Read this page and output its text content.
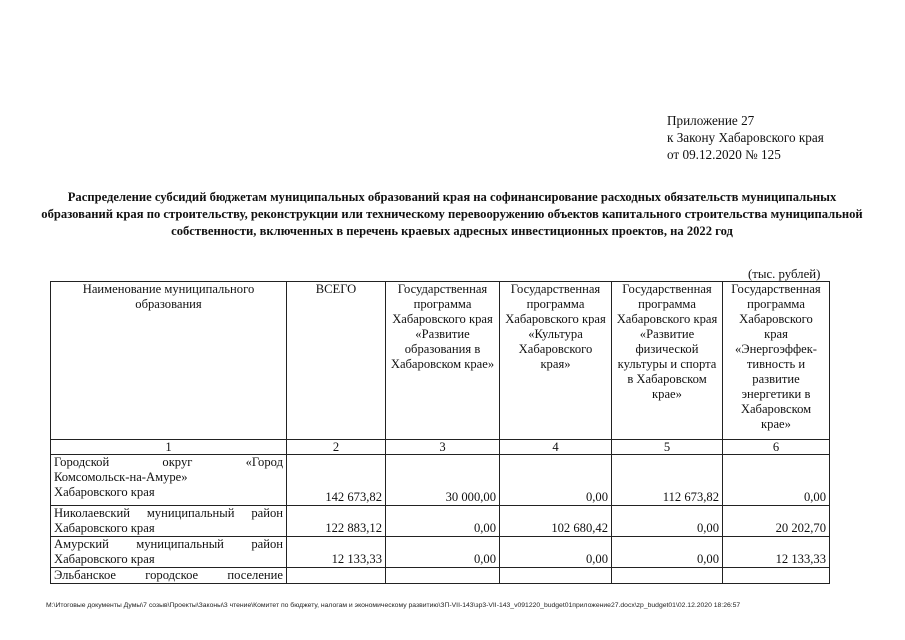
Приложение 27
к Закону Хабаровского края
от 09.12.2020 № 125
Распределение субсидий бюджетам муниципальных образований края на софинансирование расходных обязательств муниципальных образований края по строительству, реконструкции или техническому перевооружению объектов капитального строительства муниципальной собственности, включенных в перечень краевых адресных инвестиционных проектов, на 2022 год
(тыс. рублей)
Наименование муниципального образования	ВСЕГО	Государственная программа Хабаровского края «Развитие образования в Хабаровском крае»	Государственная программа Хабаровского края «Культура Хабаровского края»	Государственная программа Хабаровского края «Развитие физической культуры и спорта в Хабаровском крае»	Государственная программа Хабаровского края «Энергоэффек-тивность и развитие энергетики в Хабаровском крае»
1	2	3	4	5	6

Городской округ «Город
Комсомольск-на-Амуре»
Хабаровского края	142 673,82	30 000,00	0,00	112 673,82	0,00

Николаевский муниципальный район
Хабаровского края	122 883,12	0,00	102 680,42	0,00	20 202,70

Амурский муниципальный район
Хабаровского края	12 133,33	0,00	0,00	0,00	12 133,33

Эльбанское городское поселение					

M:\Итоговые документы Думы\7 созыв\Проекты\Законы\3 чтение\Комитет по бюджету, налогам и экономическому развитию\ЗП-VII-143\зр3-VII-143_v091220_budget01приложение27.docx\zp_budget01\02.12.2020 18:26:57
